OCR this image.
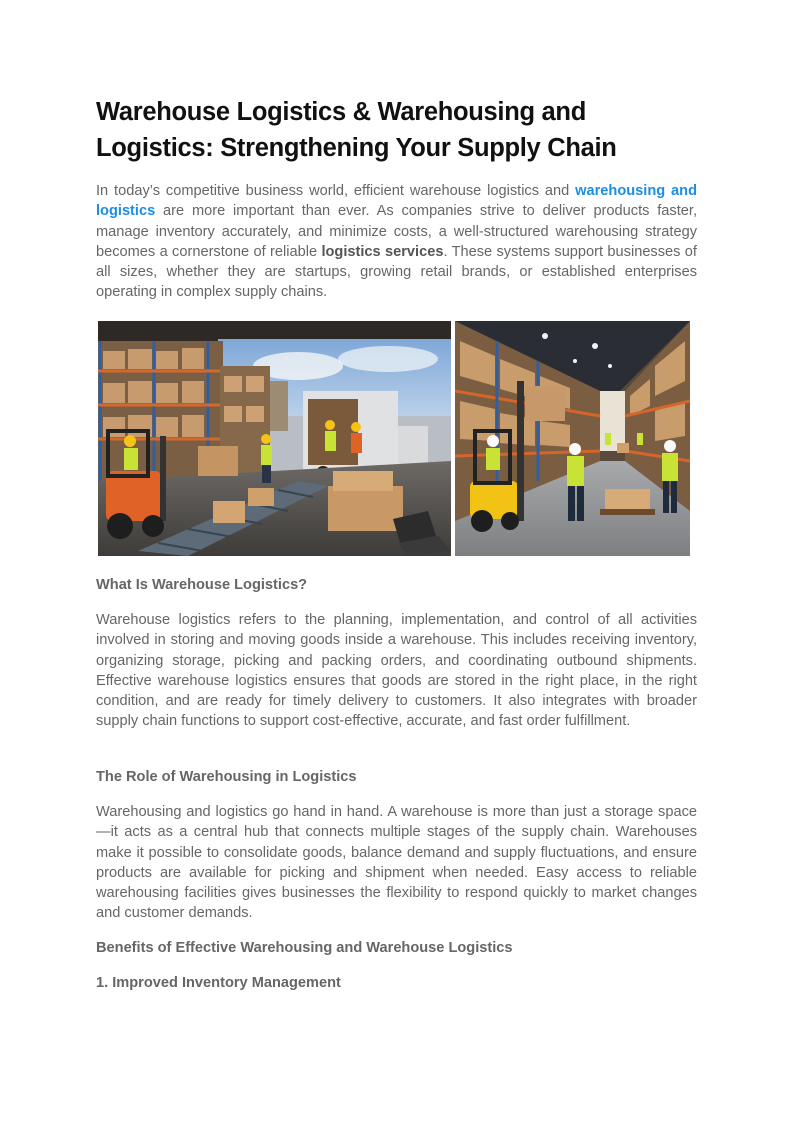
Warehouse Logistics & Warehousing and Logistics: Strengthening Your Supply Chain

In today’s competitive business world, efficient warehouse logistics and warehousing and logistics are more important than ever. As companies strive to deliver products faster, manage inventory accurately, and minimize costs, a well-structured warehousing strategy becomes a cornerstone of reliable logistics services. These systems support businesses of all sizes, whether they are startups, growing retail brands, or established enterprises operating in complex supply chains.

What Is Warehouse Logistics?

Warehouse logistics refers to the planning, implementation, and control of all activities involved in storing and moving goods inside a warehouse. This includes receiving inventory, organizing storage, picking and packing orders, and coordinating outbound shipments. Effective warehouse logistics ensures that goods are stored in the right place, in the right condition, and are ready for timely delivery to customers. It also integrates with broader supply chain functions to support cost-effective, accurate, and fast order fulfillment.

The Role of Warehousing in Logistics

Warehousing and logistics go hand in hand. A warehouse is more than just a storage space—it acts as a central hub that connects multiple stages of the supply chain. Warehouses make it possible to consolidate goods, balance demand and supply fluctuations, and ensure products are available for picking and shipment when needed. Easy access to reliable warehousing facilities gives businesses the flexibility to respond quickly to market changes and customer demands.

Benefits of Effective Warehousing and Warehouse Logistics

1. Improved Inventory Management
